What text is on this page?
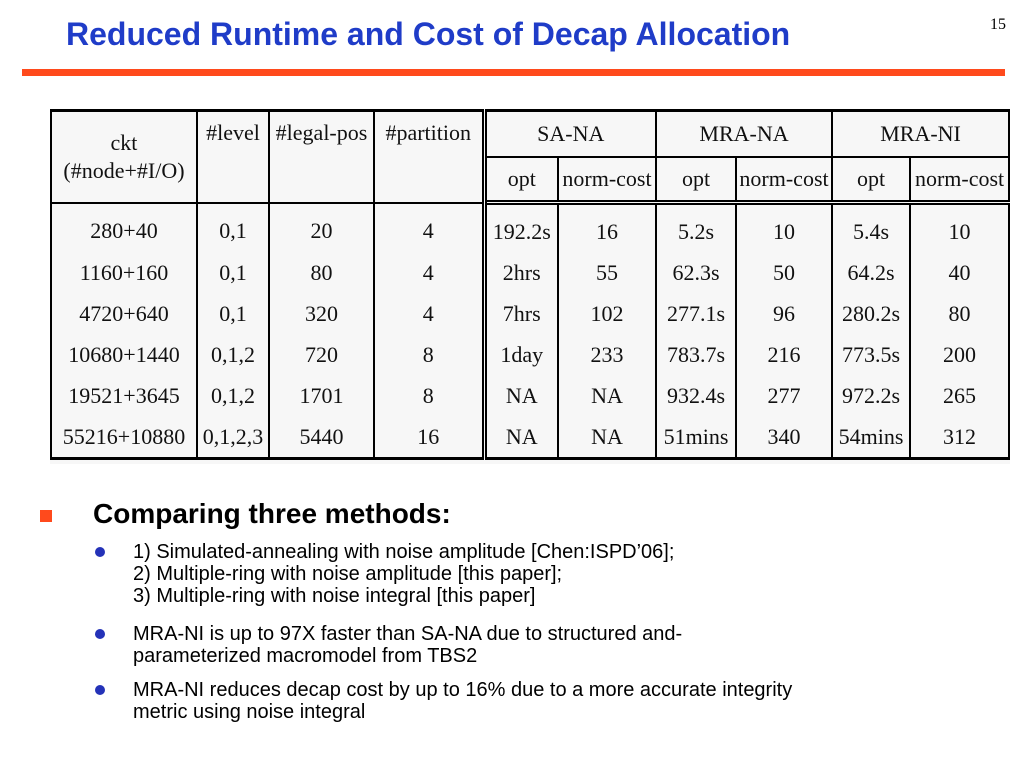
Reduced Runtime and Cost of Decap Allocation	15
ckt
(#node+#I/O)	#level	#legal-pos	#partition	SA-NA		MRA-NA		MRA-NI	
				opt	norm-cost	opt	norm-cost	opt	norm-cost
280+40	0,1	20	4	192.2s	16	5.2s	10	5.4s	10
1160+160	0,1	80	4	2hrs	55	62.3s	50	64.2s	40
4720+640	0,1	320	4	7hrs	102	277.1s	96	280.2s	80
10680+1440	0,1,2	720	8	1day	233	783.7s	216	773.5s	200
19521+3645	0,1,2	1701	8	NA	NA	932.4s	277	972.2s	265
55216+10880	0,1,2,3	5440	16	NA	NA	51mins	340	54mins	312
Comparing three methods:
1) Simulated-annealing with noise amplitude [Chen:ISPD’06];
2) Multiple-ring with noise amplitude [this paper];
3) Multiple-ring with noise integral [this paper]
MRA-NI is up to 97X faster than SA-NA due to structured and-
parameterized macromodel from TBS2
MRA-NI reduces decap cost by up to 16% due to a more accurate integrity
metric using noise integral
